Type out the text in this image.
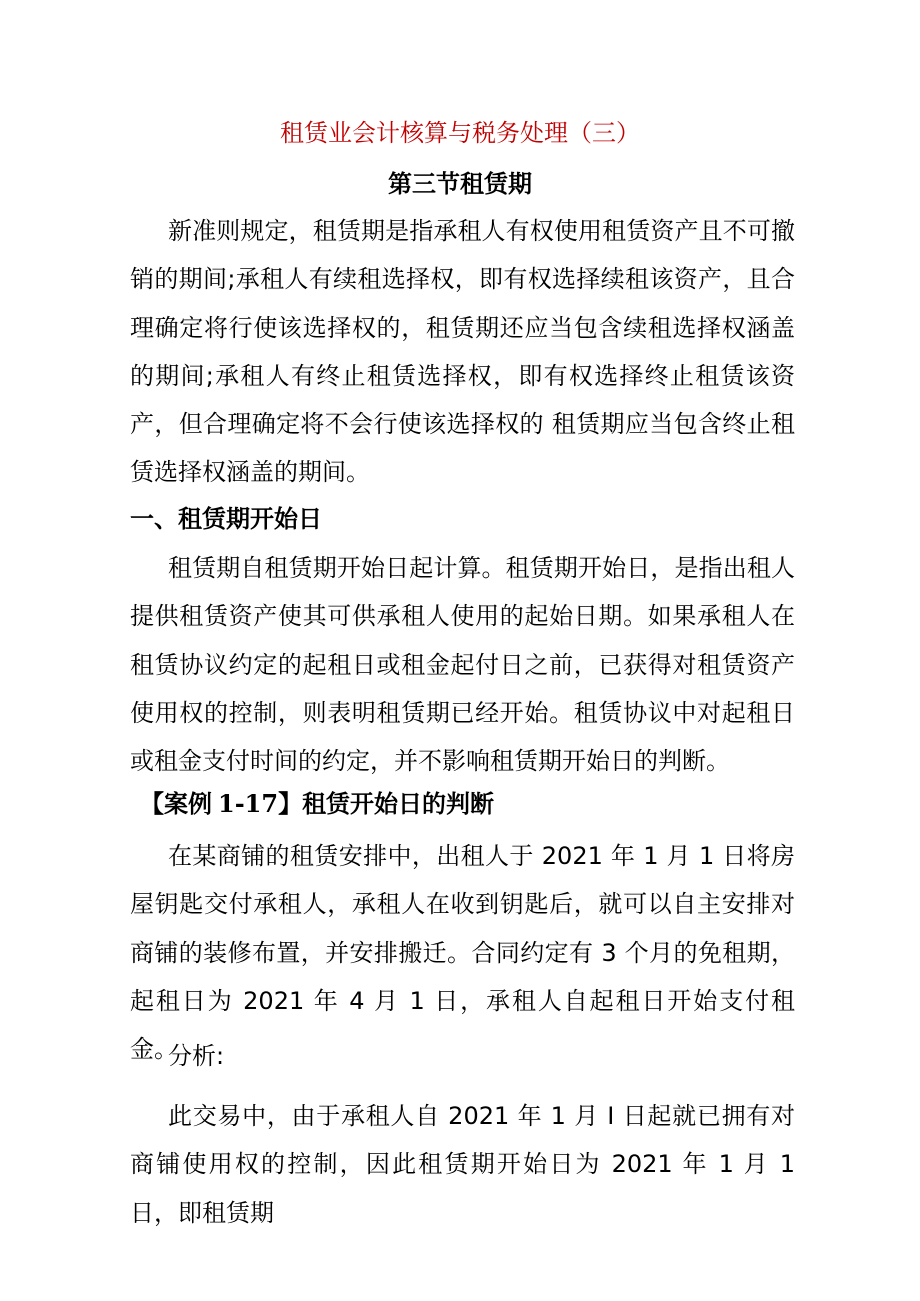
租赁业会计核算与税务处理（三）
第三节租赁期

新准则规定，租赁期是指承租人有权使用租赁资产且不可撤销的期间;承租人有续租选择权，即有权选择续租该资产，且合理确定将行使该选择权的，租赁期还应当包含续租选择权涵盖的期间;承租人有终止租赁选择权，即有权选择终止租赁该资产，但合理确定将不会行使该选择权的 租赁期应当包含终止租赁选择权涵盖的期间。

一、租赁期开始日

租赁期自租赁期开始日起计算。租赁期开始日，是指出租人提供租赁资产使其可供承租人使用的起始日期。如果承租人在租赁协议约定的起租日或租金起付日之前，已获得对租赁资产使用权的控制，则表明租赁期已经开始。租赁协议中对起租日或租金支付时间的约定，并不影响租赁期开始日的判断。

【案例 1-17】租赁开始日的判断

在某商铺的租赁安排中，出租人于 2021 年 1 月 1 日将房屋钥匙交付承租人，承租人在收到钥匙后，就可以自主安排对商铺的装修布置，并安排搬迁。合同约定有 3 个月的免租期，起租日为 2021 年 4 月 1 日，承租人自起租日开始支付租金。

分析:

此交易中，由于承租人自 2021 年 1 月 I 日起就已拥有对商铺使用权的控制，因此租赁期开始日为 2021 年 1 月 1 日，即租赁期
